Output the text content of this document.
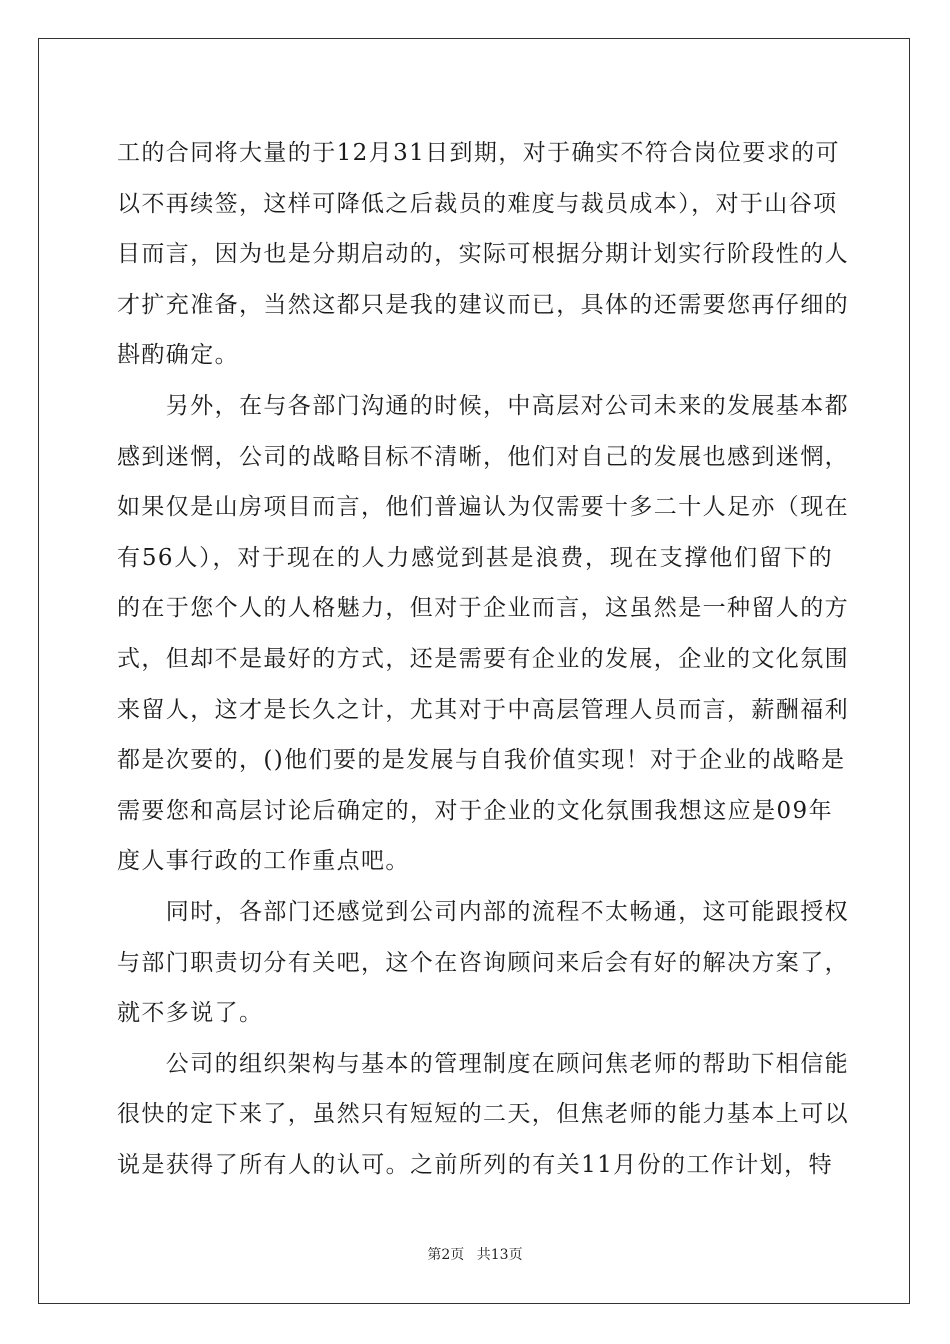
工的合同将大量的于12月31日到期，对于确实不符合岗位要求的可
以不再续签，这样可降低之后裁员的难度与裁员成本），对于山谷项
目而言，因为也是分期启动的，实际可根据分期计划实行阶段性的人
才扩充准备，当然这都只是我的建议而已，具体的还需要您再仔细的
斟酌确定。
　　另外，在与各部门沟通的时候，中高层对公司未来的发展基本都
感到迷惘，公司的战略目标不清晰，他们对自己的发展也感到迷惘，
如果仅是山房项目而言，他们普遍认为仅需要十多二十人足亦（现在
有56人），对于现在的人力感觉到甚是浪费，现在支撑他们留下的
的在于您个人的人格魅力，但对于企业而言，这虽然是一种留人的方
式，但却不是最好的方式，还是需要有企业的发展，企业的文化氛围
来留人，这才是长久之计，尤其对于中高层管理人员而言，薪酬福利
都是次要的，()他们要的是发展与自我价值实现！对于企业的战略是
需要您和高层讨论后确定的，对于企业的文化氛围我想这应是09年
度人事行政的工作重点吧。
　　同时，各部门还感觉到公司内部的流程不太畅通，这可能跟授权
与部门职责切分有关吧，这个在咨询顾问来后会有好的解决方案了，
就不多说了。
　　公司的组织架构与基本的管理制度在顾问焦老师的帮助下相信能
很快的定下来了，虽然只有短短的二天，但焦老师的能力基本上可以
说是获得了所有人的认可。之前所列的有关11月份的工作计划，特
第2页 共13页
